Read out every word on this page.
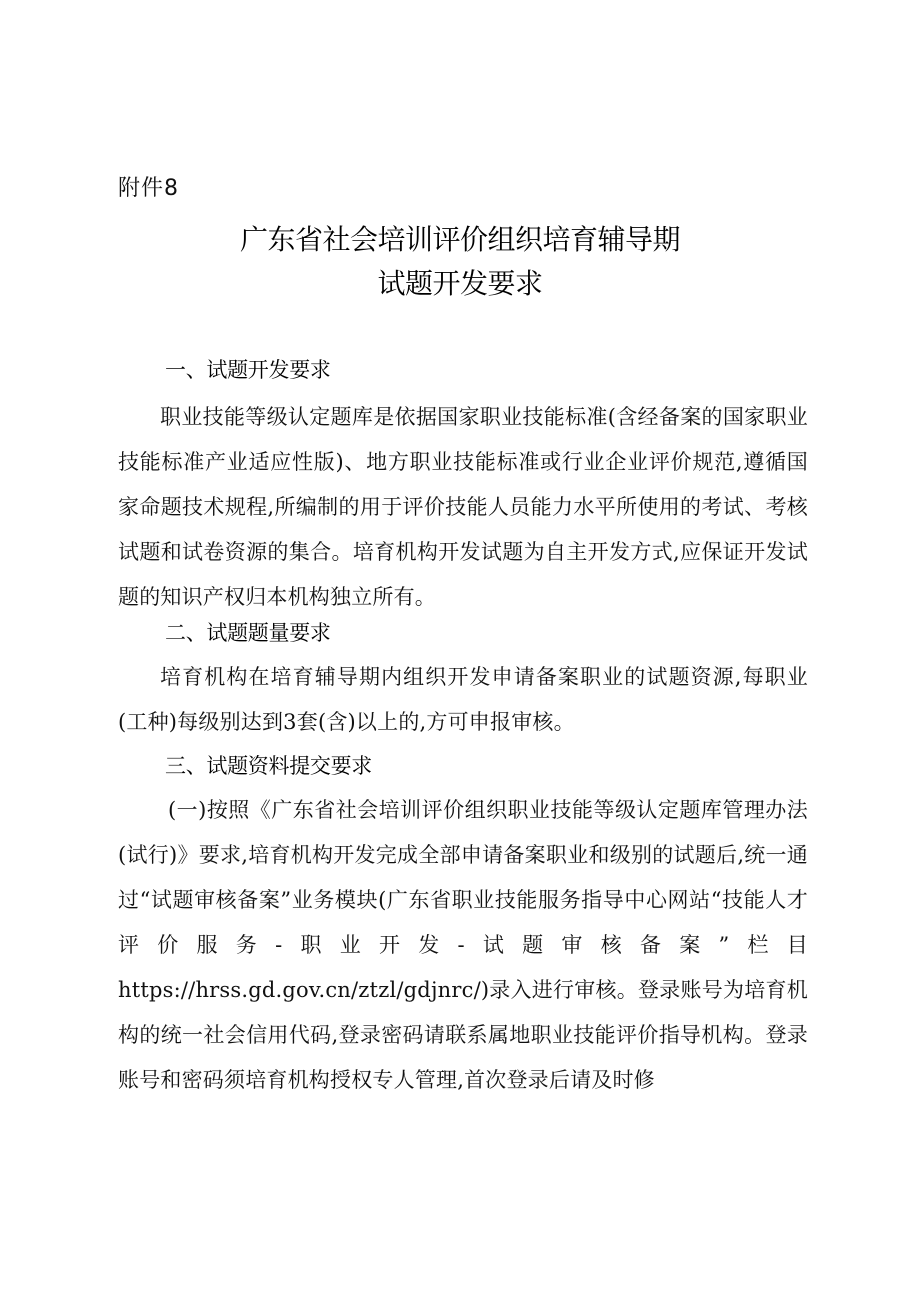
附件8
广东省社会培训评价组织培育辅导期
试题开发要求
一、试题开发要求
职业技能等级认定题库是依据国家职业技能标准(含经备案的国家职业技能标准产业适应性版)、地方职业技能标准或行业企业评价规范,遵循国家命题技术规程,所编制的用于评价技能人员能力水平所使用的考试、考核试题和试卷资源的集合。培育机构开发试题为自主开发方式,应保证开发试题的知识产权归本机构独立所有。
二、试题题量要求
培育机构在培育辅导期内组织开发申请备案职业的试题资源,每职业(工种)每级别达到3套(含)以上的,方可申报审核。
三、试题资料提交要求
(一)按照《广东省社会培训评价组织职业技能等级认定题库管理办法(试行)》要求,培育机构开发完成全部申请备案职业和级别的试题后,统一通过“试题审核备案”业务模块(广东省职业技能服务指导中心网站“技能人才评价服务-职业开发-试题审核备案”栏目https://hrss.gd.gov.cn/ztzl/gdjnrc/)录入进行审核。登录账号为培育机构的统一社会信用代码,登录密码请联系属地职业技能评价指导机构。登录账号和密码须培育机构授权专人管理,首次登录后请及时修
